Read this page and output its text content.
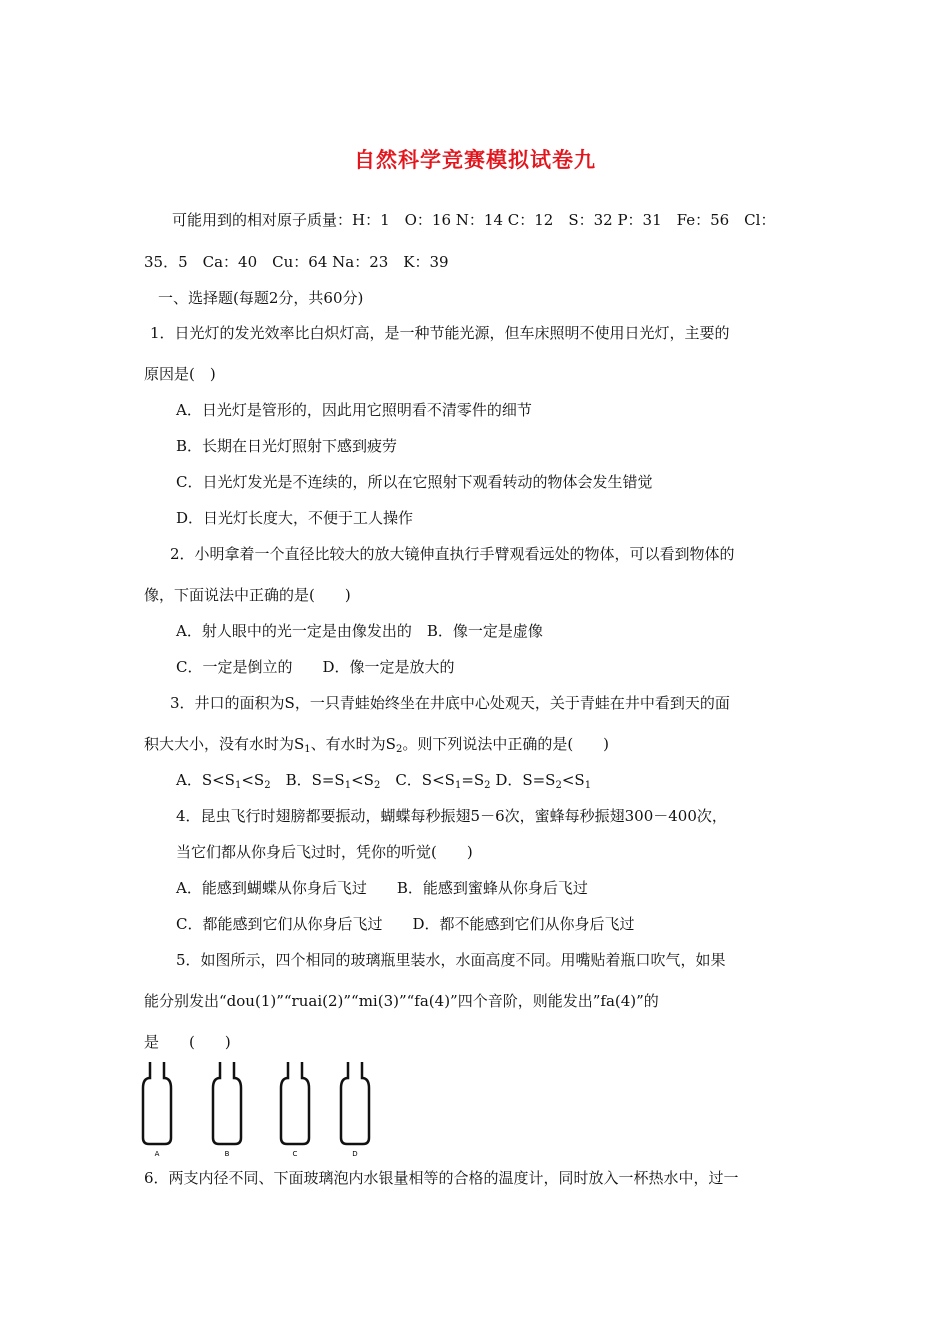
自然科学竞赛模拟试卷九
可能用到的相对原子质量：H：1　O：16 N：14 C：12　S：32 P：31　Fe：56　Cl：
35．5　Ca：40　Cu：64 Na：23　K：39
一、选择题(每题2分，共60分)
1．日光灯的发光效率比白炽灯高，是一种节能光源，但车床照明不使用日光灯，主要的
原因是(　)
A．日光灯是管形的，因此用它照明看不清零件的细节
B．长期在日光灯照射下感到疲劳
C．日光灯发光是不连续的，所以在它照射下观看转动的物体会发生错觉
D．日光灯长度大，不便于工人操作
2．小明拿着一个直径比较大的放大镜伸直执行手臂观看远处的物体，可以看到物体的
像，下面说法中正确的是(　　)
A．射人眼中的光一定是由像发出的　B．像一定是虚像
C．一定是倒立的　　D．像一定是放大的
3．井口的面积为S，一只青蛙始终坐在井底中心处观天，关于青蛙在井中看到天的面
积大大小，没有水时为$S_1$、有水时为$S_2$。则下列说法中正确的是(　　)
A．$S<S_1<S_2$　B．$S=S_1<S_2$　C．$S<S_1=S_2$ D．$S=S_2<S_1$
4．昆虫飞行时翅膀都要振动，蝴蝶每秒振翅5－6次，蜜蜂每秒振翅300－400次，
当它们都从你身后飞过时，凭你的听觉(　　)
A．能感到蝴蝶从你身后飞过　　B．能感到蜜蜂从你身后飞过
C．都能感到它们从你身后飞过　　D．都不能感到它们从你身后飞过
5．如图所示，四个相同的玻璃瓶里装水，水面高度不同。用嘴贴着瓶口吹气，如果
能分别发出“dou(1)”“ruai(2)”“mi(3)”“fa(4)”四个音阶，则能发出”fa(4)”的
是　　(　　)
A	B	C	D
6．两支内径不同、下面玻璃泡内水银量相等的合格的温度计，同时放入一杯热水中，过一
